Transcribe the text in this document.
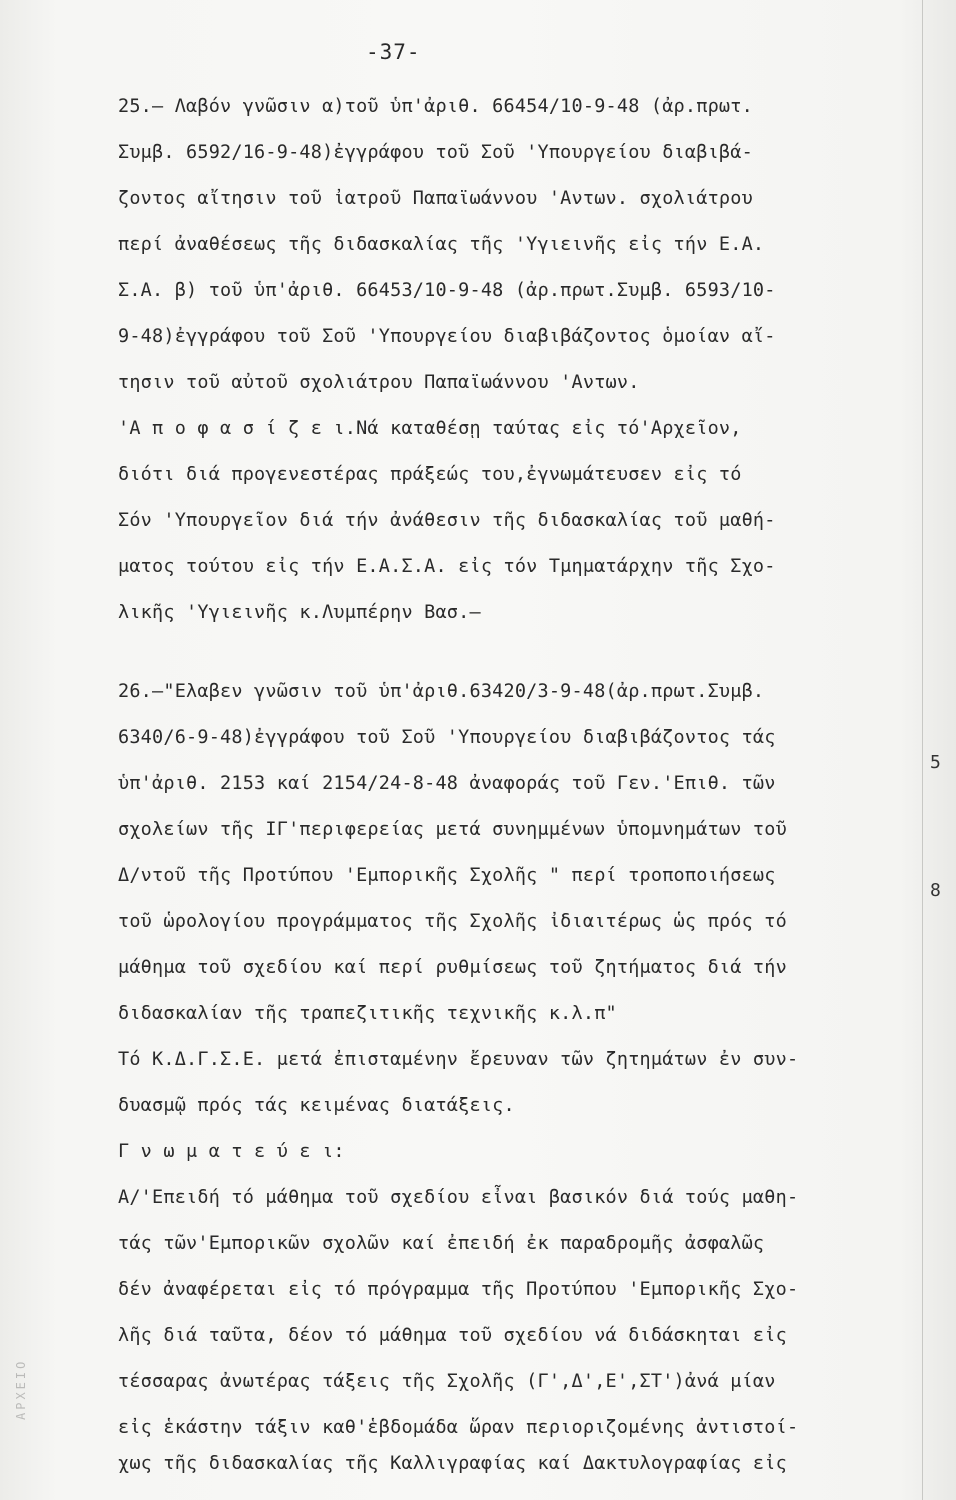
ΑΡΧΕΙΟ
-37-
25.– Λαβόν γνῶσιν α)τοῦ ὑπ'ἀριθ. 66454/10-9-48 (ἀρ.πρωτ.
Συμβ. 6592/16-9-48)ἐγγράφου τοῦ Σοῦ 'Υπουργείου διαβιβά-
ζοντος αἴτησιν τοῦ ἰατροῦ Παπαϊωάννου 'Αντων. σχολιάτρου
περί ἀναθέσεως τῆς διδασκαλίας τῆς 'Υγιεινῆς εἰς τήν Ε.Α.
Σ.Α. β) τοῦ ὑπ'ἀριθ. 66453/10-9-48 (ἀρ.πρωτ.Συμβ. 6593/10-
9-48)ἐγγράφου τοῦ Σοῦ 'Υπουργείου διαβιβάζοντος ὁμοίαν αἴ-
τησιν τοῦ αὐτοῦ σχολιάτρου Παπαϊωάννου 'Αντων.
'Α π ο φ α σ ί ζ ε ι.Νά καταθέσῃ ταύτας εἰς τό'Αρχεῖον,
διότι διά προγενεστέρας πράξεώς του,ἐγνωμάτευσεν εἰς τό
Σόν 'Υπουργεῖον διά τήν ἀνάθεσιν τῆς διδασκαλίας τοῦ μαθή-
ματος τούτου εἰς τήν Ε.Α.Σ.Α. εἰς τόν Τμηματάρχην τῆς Σχο-
λικῆς 'Υγιεινῆς κ.Λυμπέρην Βασ.–
26.–"Ελαβεν γνῶσιν τοῦ ὑπ'ἀριθ.63420/3-9-48(ἀρ.πρωτ.Συμβ.
6340/6-9-48)ἐγγράφου τοῦ Σοῦ 'Υπουργείου διαβιβάζοντος τάς
ὑπ'ἀριθ. 2153 καί 2154/24-8-48 ἀναφοράς τοῦ Γεν.'Επιθ. τῶν
σχολείων τῆς ΙΓ'περιφερείας μετά συνημμένων ὑπομνημάτων τοῦ
Δ/ντοῦ τῆς Προτύπου 'Εμπορικῆς Σχολῆς " περί τροποποιήσεως
τοῦ ὡρολογίου προγράμματος τῆς Σχολῆς ἰδιαιτέρως ὡς πρός τό
μάθημα τοῦ σχεδίου καί περί ρυθμίσεως τοῦ ζητήματος διά τήν
διδασκαλίαν τῆς τραπεζιτικῆς τεχνικῆς κ.λ.π"
Τό Κ.Δ.Γ.Σ.Ε. μετά ἐπισταμένην ἔρευναν τῶν ζητημάτων ἐν συν-
δυασμῷ πρός τάς κειμένας διατάξεις.
Γ ν ω μ α τ ε ύ ε ι:
Α/'Επειδή τό μάθημα τοῦ σχεδίου εἶναι βασικόν διά τούς μαθη-
τάς τῶν'Εμπορικῶν σχολῶν καί ἐπειδή ἐκ παραδρομῆς ἀσφαλῶς
δέν ἀναφέρεται εἰς τό πρόγραμμα τῆς Προτύπου 'Εμπορικῆς Σχο-
λῆς διά ταῦτα, δέον τό μάθημα τοῦ σχεδίου νά διδάσκηται εἰς
τέσσαρας ἀνωτέρας τάξεις τῆς Σχολῆς (Γ',Δ',Ε',ΣΤ')ἀνά μίαν
εἰς ἑκάστην τάξιν καθ'ἑβδομάδα ὥραν περιοριζομένης ἀντιστοί-
χως τῆς διδασκαλίας τῆς Καλλιγραφίας καί Δακτυλογραφίας εἰς
5
8
